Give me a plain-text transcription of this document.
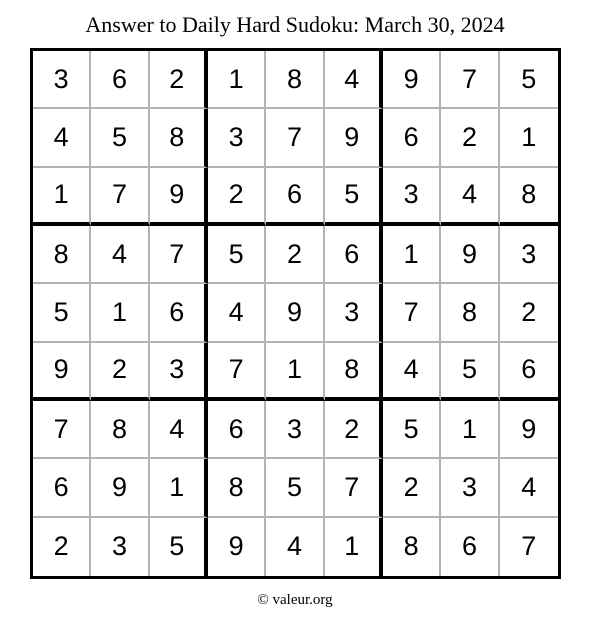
Answer to Daily Hard Sudoku: March 30, 2024
3	6	2	1	8	4	9	7	5
4	5	8	3	7	9	6	2	1
1	7	9	2	6	5	3	4	8
8	4	7	5	2	6	1	9	3
5	1	6	4	9	3	7	8	2
9	2	3	7	1	8	4	5	6
7	8	4	6	3	2	5	1	9
6	9	1	8	5	7	2	3	4
2	3	5	9	4	1	8	6	7
© valeur.org
